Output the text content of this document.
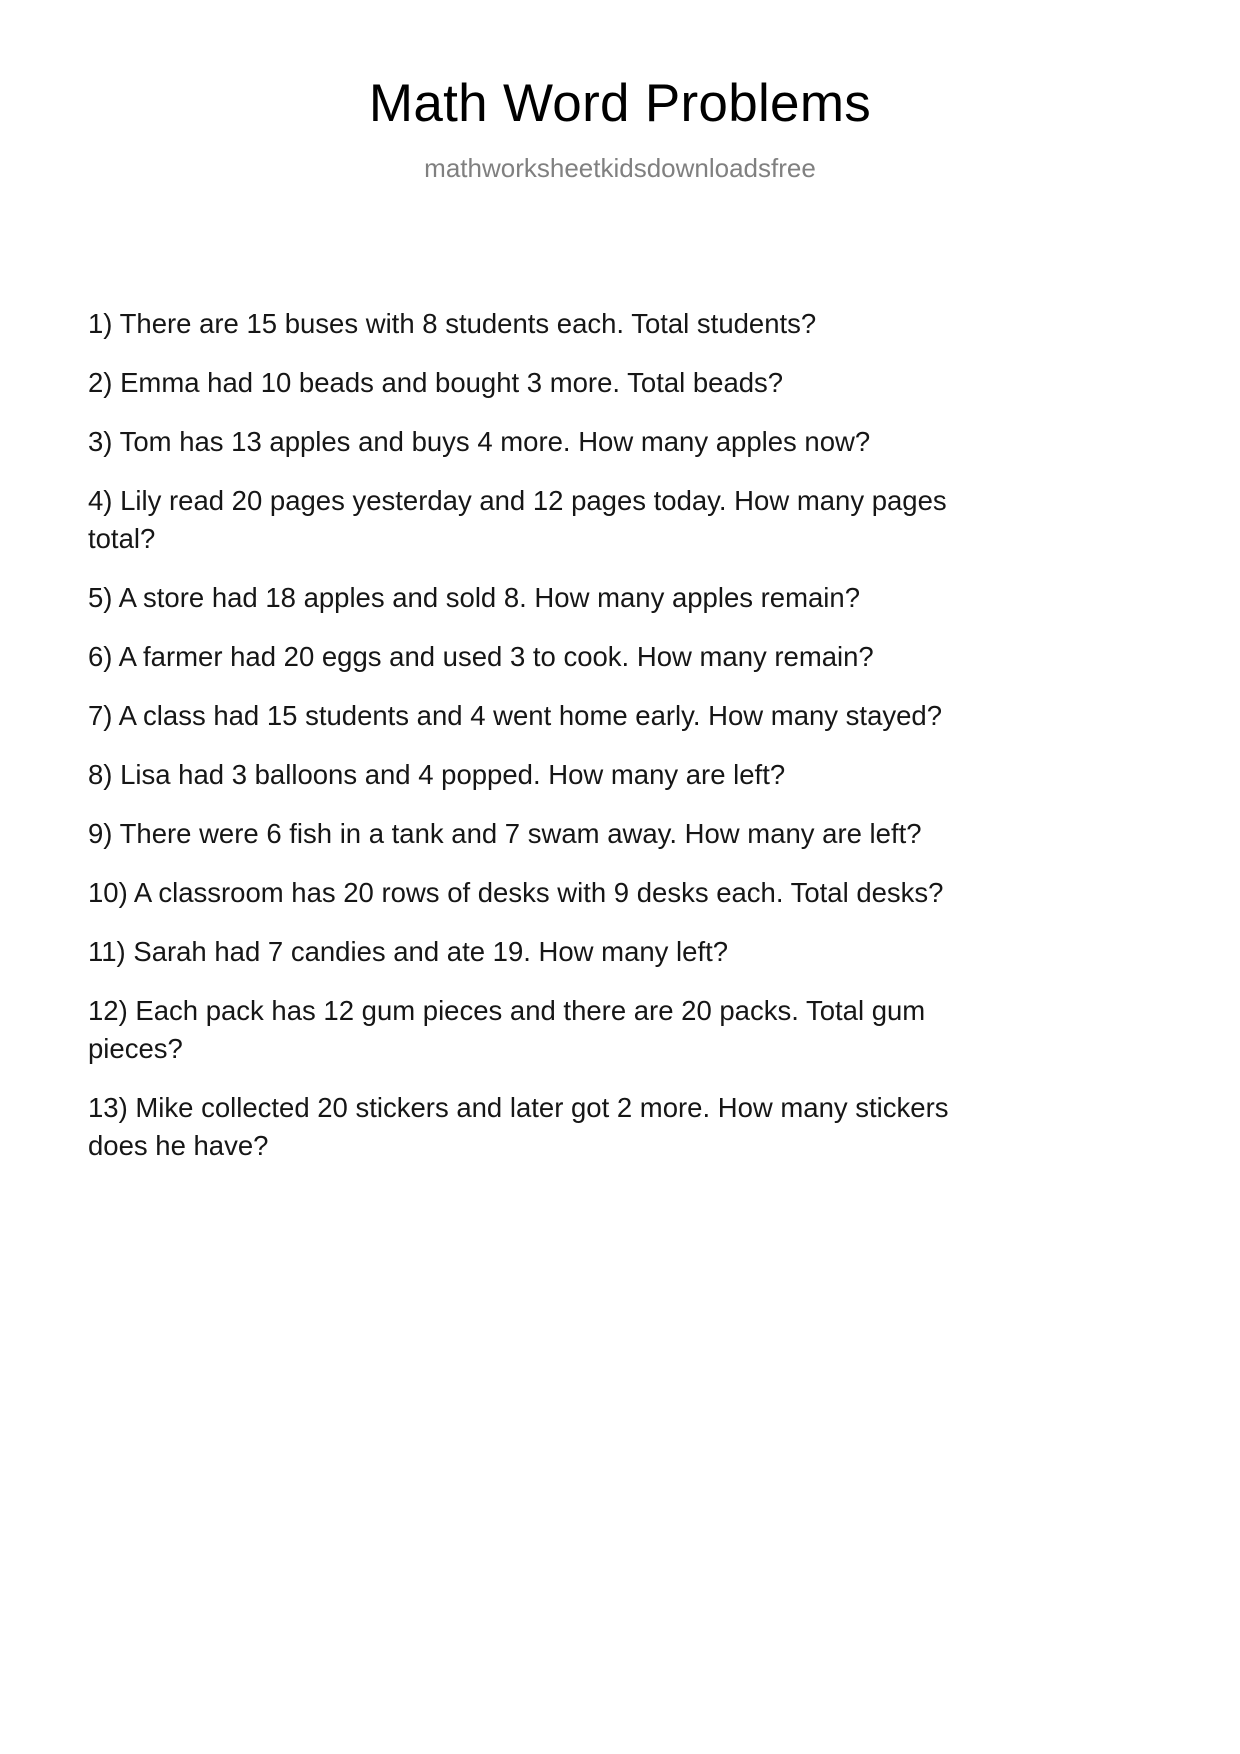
Math Word Problems
mathworksheetkidsdownloadsfree
1) There are 15 buses with 8 students each. Total students?
2) Emma had 10 beads and bought 3 more. Total beads?
3) Tom has 13 apples and buys 4 more. How many apples now?
4) Lily read 20 pages yesterday and 12 pages today. How many pages total?
5) A store had 18 apples and sold 8. How many apples remain?
6) A farmer had 20 eggs and used 3 to cook. How many remain?
7) A class had 15 students and 4 went home early. How many stayed?
8) Lisa had 3 balloons and 4 popped. How many are left?
9) There were 6 fish in a tank and 7 swam away. How many are left?
10) A classroom has 20 rows of desks with 9 desks each. Total desks?
11) Sarah had 7 candies and ate 19. How many left?
12) Each pack has 12 gum pieces and there are 20 packs. Total gum pieces?
13) Mike collected 20 stickers and later got 2 more. How many stickers does he have?
